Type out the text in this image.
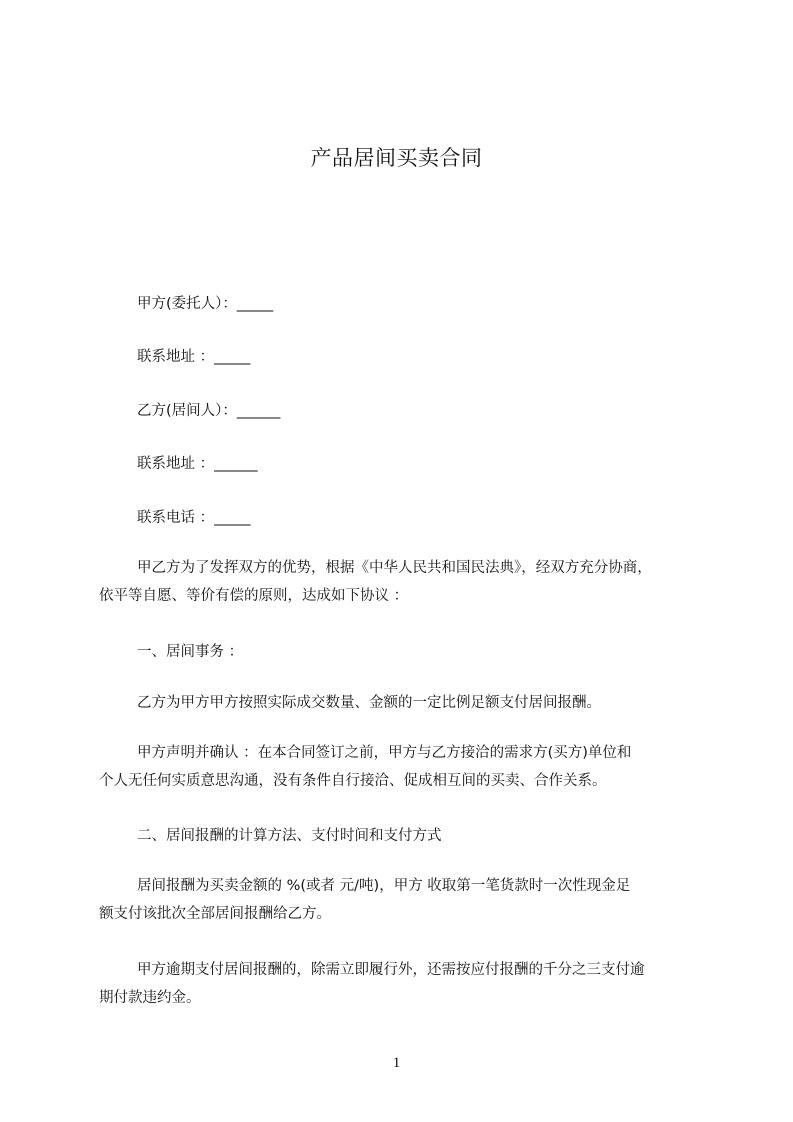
产品居间买卖合同
甲方(委托人）：_____
联系地址 ：_____
乙方(居间人）：______
联系地址 ：______
联系电话 ：_____
甲乙方为了发挥双方的优势，根据《中华人民共和国民法典》，经双方充分协商，
依平等自愿、等价有偿的原则，达成如下协议 ：
一、居间事务 ：
乙方为甲方甲方按照实际成交数量、金额的一定比例足额支付居间报酬。
甲方声明并确认 ：在本合同签订之前，甲方与乙方接洽的需求方(买方)单位和
个人无任何实质意思沟通，没有条件自行接洽、促成相互间的买卖、合作关系。
二、居间报酬的计算方法、支付时间和支付方式
居间报酬为买卖金额的 %(或者 元/吨)，甲方 收取第一笔货款时一次性现金足
额支付该批次全部居间报酬给乙方。
甲方逾期支付居间报酬的，除需立即履行外，还需按应付报酬的千分之三支付逾
期付款违约金。
1
